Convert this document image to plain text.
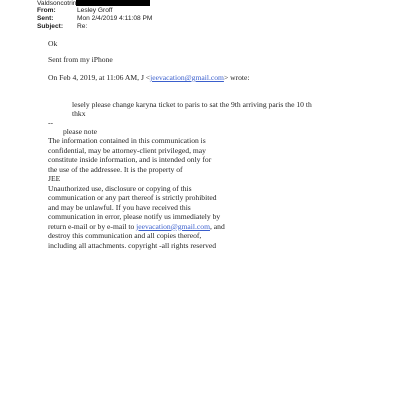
Valdsoncotrin
From:	Lesley Groff
Sent:	Mon 2/4/2019 4:11:08 PM
Subject: Re:
Ok
Sent from my iPhone
On Feb 4, 2019, at 11:06 AM, J <jeevacation@gmail.com> wrote:
lesely please change karyna ticket to paris to sat the 9th arriving paris the 10 th
thkx
--
please note
The information contained in this communication is
confidential, may be attorney-client privileged, may
constitute inside information, and is intended only for
the use of the addressee. It is the property of
JEE
Unauthorized use, disclosure or copying of this
communication or any part thereof is strictly prohibited
and may be unlawful. If you have received this
communication in error, please notify us immediately by
return e-mail or by e-mail to jeevacation@gmail.com, and
destroy this communication and all copies thereof,
including all attachments. copyright -all rights reserved
